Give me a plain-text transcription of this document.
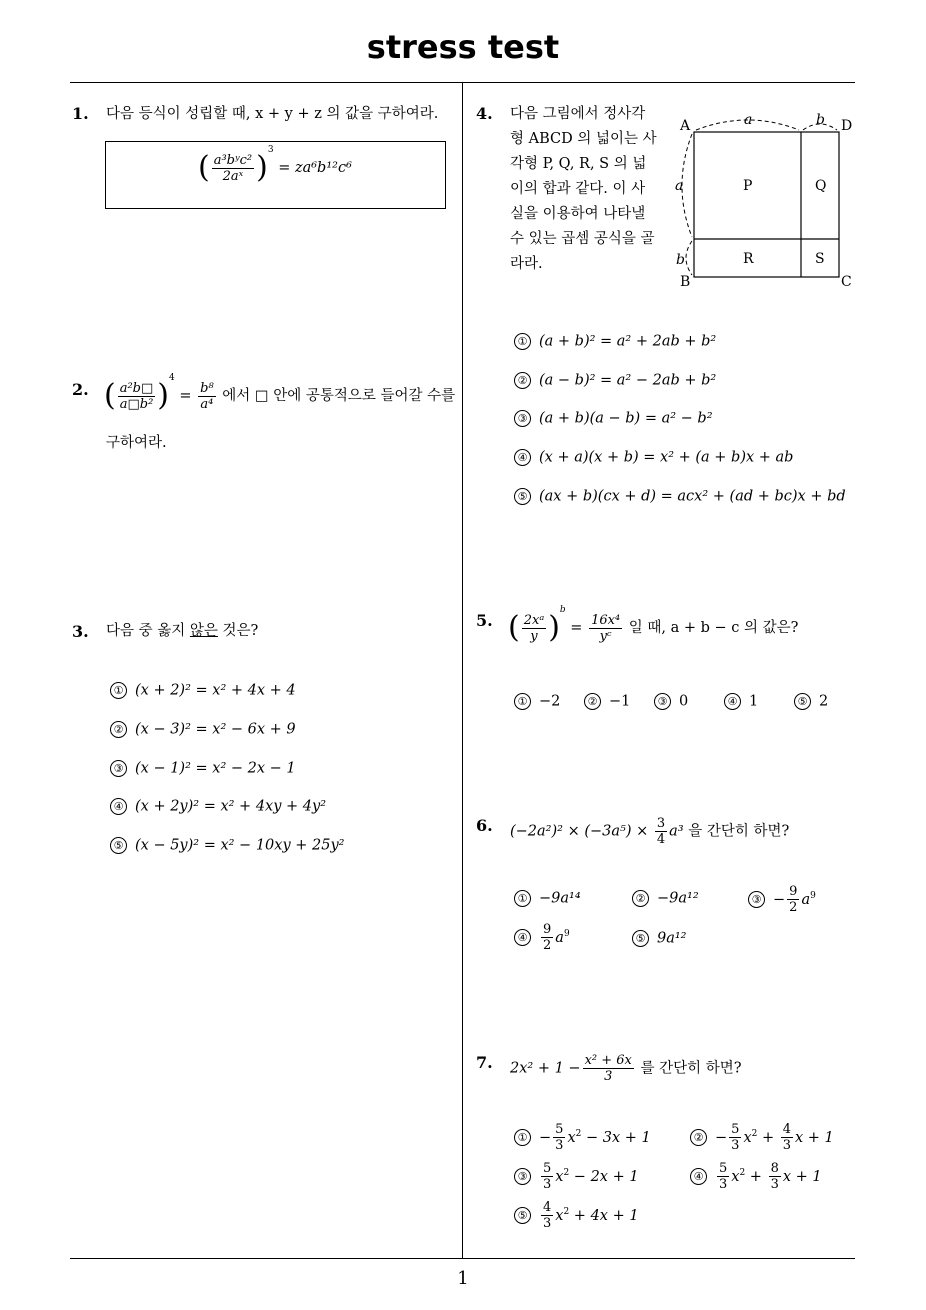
stress test
1
1. 다음 등식이 성립할 때, x + y + z 의 값을 구하여라.
( $\frac{\text{a³bʸc²}}{\text{2aˣ}} )^3 = za^6b^{12}c^6$
2. ( $\frac{\text{a²b□}}{\text{a□b²}} )^4 = \frac{\text{b⁸}}{\text{a⁴}}$ 에서 □ 안에 공통적으로 들어갈 수를
구하여라.
3. 다음 중 옳지 않은 것은?
① (x + 2)² = x² + 4x + 4
② (x − 3)² = x² − 6x + 9
③ (x − 1)² = x² − 2x − 1
④ (x + 2y)² = x² + 4xy + 4y²
⑤ (x − 5y)² = x² − 10xy + 25y²
4. 다음 그림에서 정사각
형 ABCD 의 넓이는 사
각형 P, Q, R, S 의 넓
이의 합과 같다. 이 사
실을 이용하여 나타낼
수 있는 곱셈 공식을 골
라라.
A	D
C
B
P	Q
R	S
a	b
a
b
① (a + b)² = a² + 2ab + b²
② (a − b)² = a² − 2ab + b²
③ (a + b)(a − b) = a² − b²
④ (x + a)(x + b) = x² + (a + b)x + ab
⑤ (ax + b)(cx + d) = acx² + (ad + bc)x + bd
5. ( $\frac{\text{2xᵃ}}{y} )^b = \frac{\text{16x⁴}}{\text{yᶜ}}$ 일 때, a + b − c 의 값은?
① −2	② −1	③ 0	④ 1	⑤ 2
6. $(-2a^2)^2 \times (-3a^5) \times \frac{3}{4} a^3$ 을 간단히 하면?
① −9a¹⁴	② −9a¹²	③ − $\frac{9}{2} a^9$
④ $\frac{9}{2} a^9$	⑤ 9a¹²
7. $2x^2 + 1 - \frac{\text{x² + 6x}}{3}$ 를 간단히 하면?
① − $\frac{5}{3} x^2 - 3x + 1$	② − $\frac{5}{3} x^2 + \frac{4}{3}$ x + 1
③ $\frac{5}{3} x^2 - 2x + 1$	④ $\frac{5}{3} x^2 + \frac{8}{3}$ x + 1
⑤ $\frac{4}{3} x^2 + 4x + 1$
